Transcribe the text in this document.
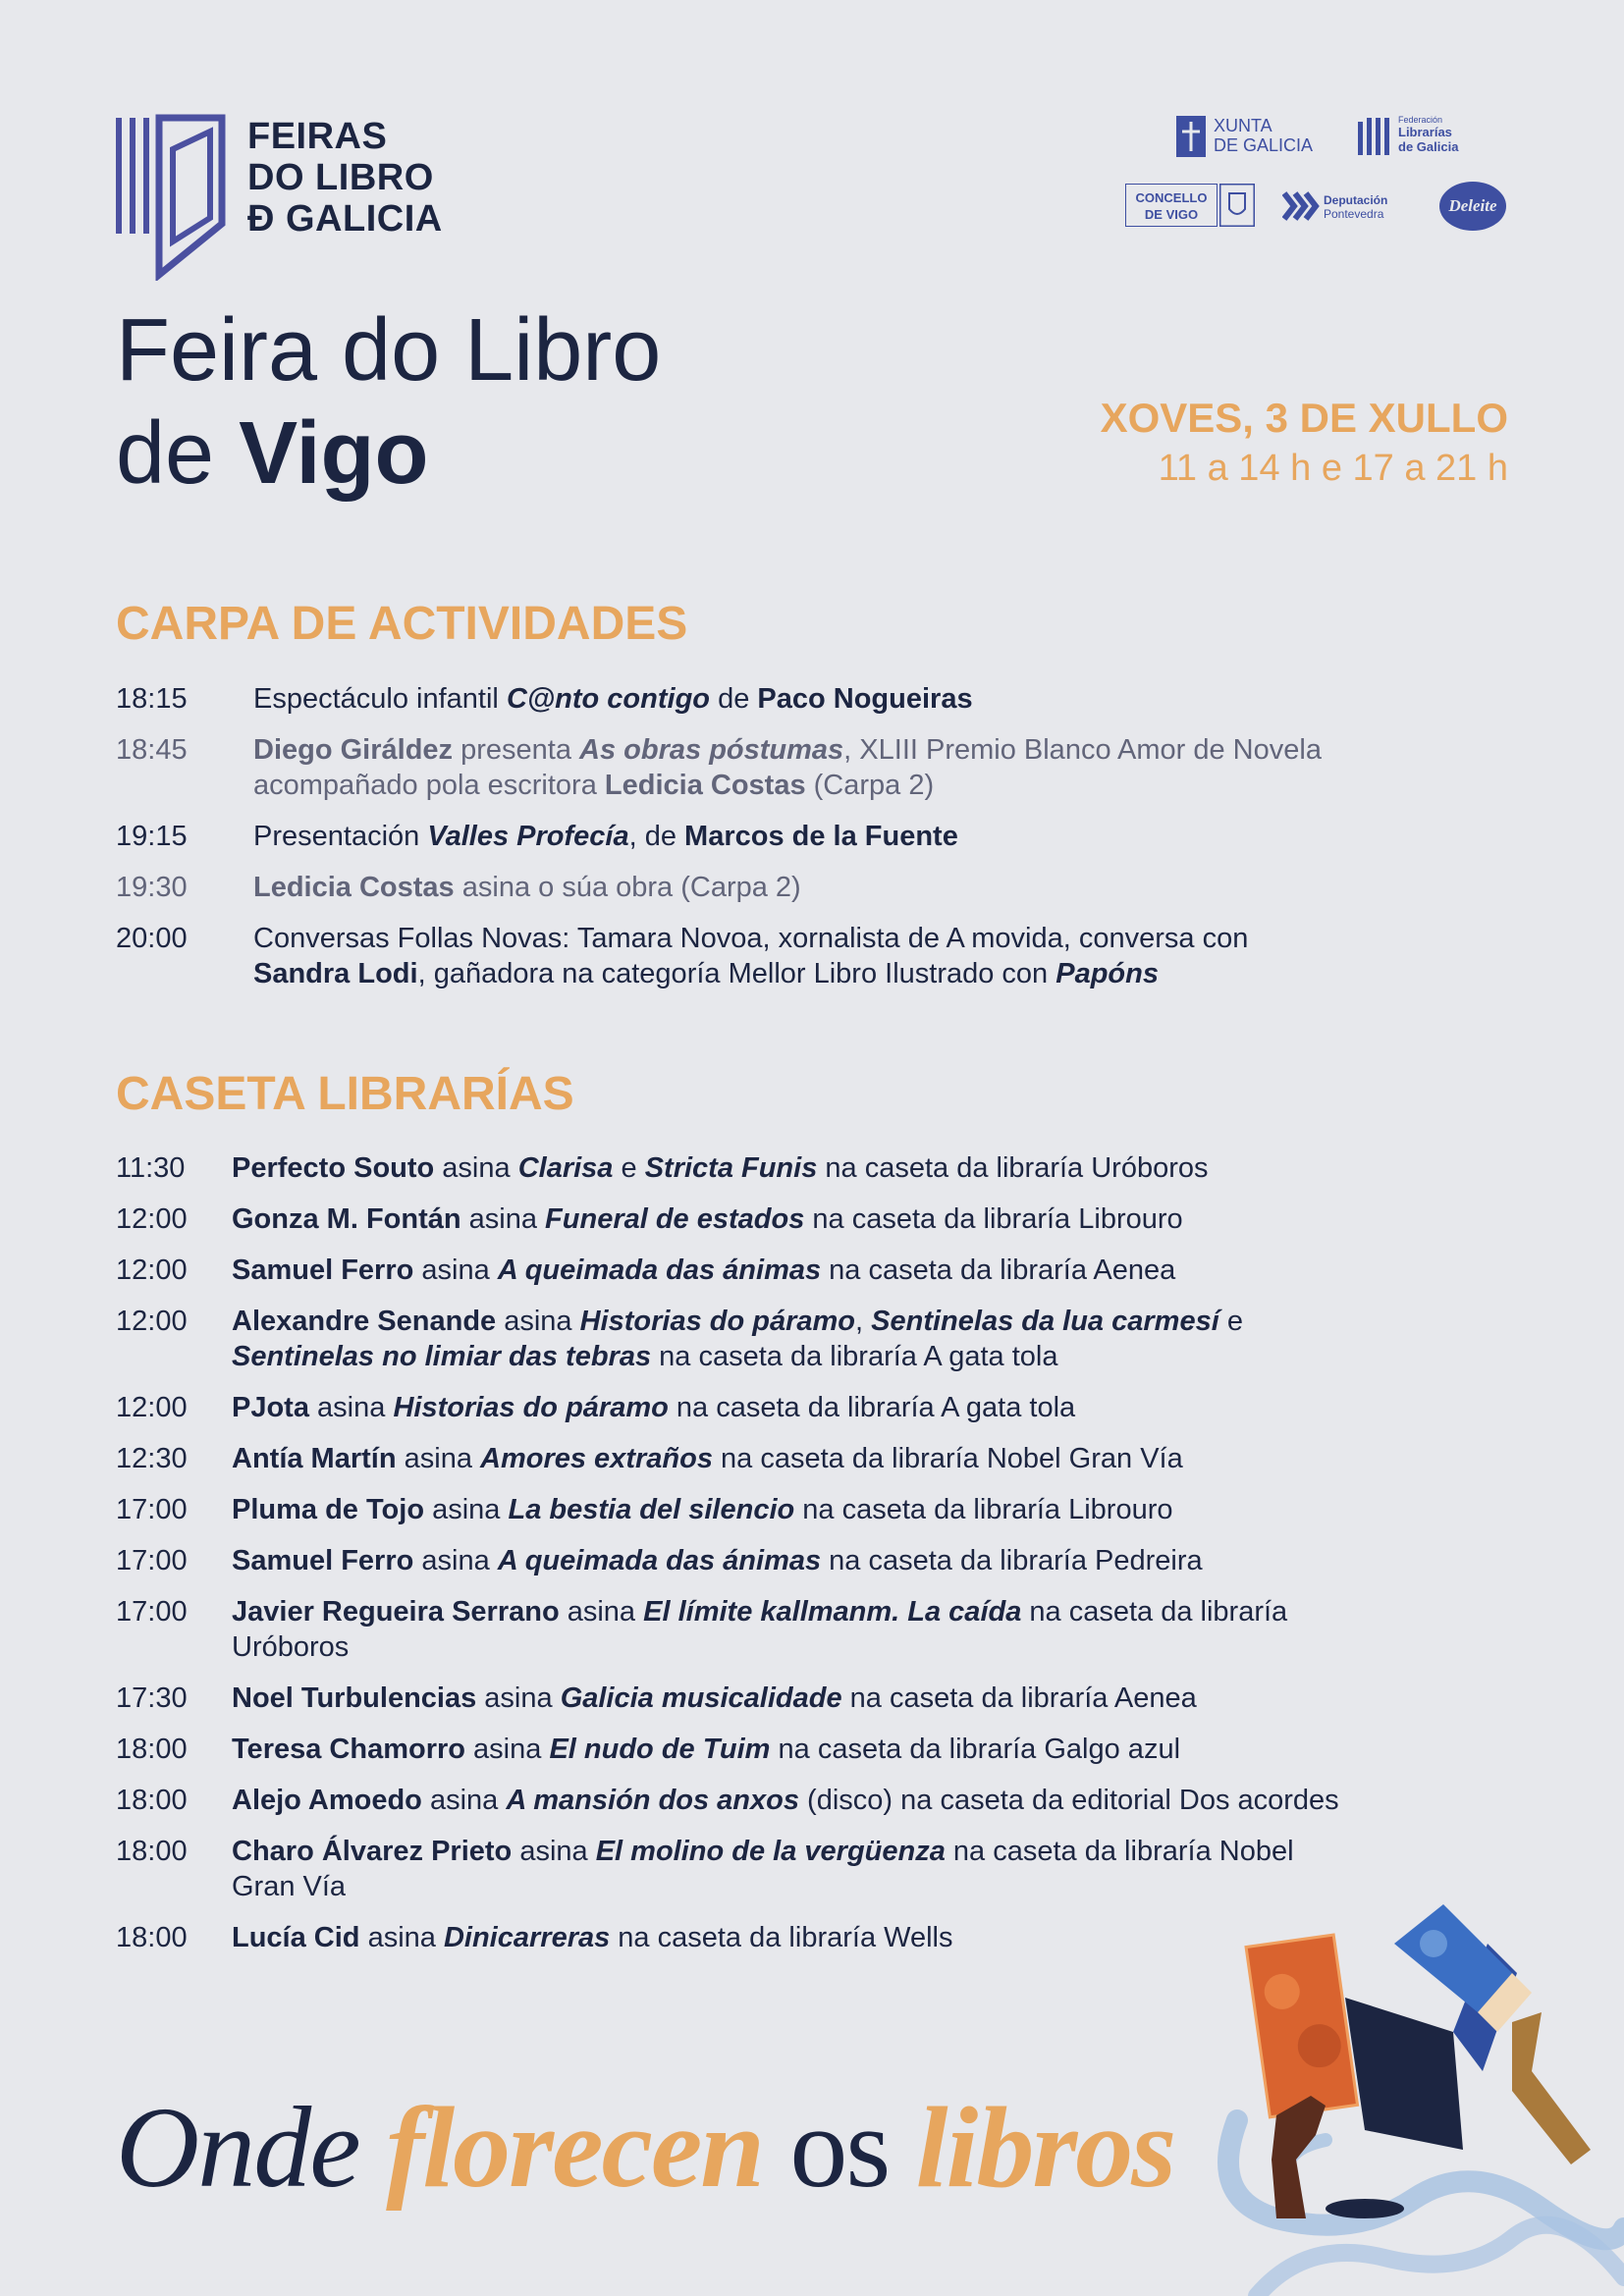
FEIRAS
DO LIBRO
Ð GALICIA
XUNTA
DE GALICIA
Federación
Librarías
de Galicia
CONCELLO
DE VIGO
Deputación
Pontevedra	Deleite
Feira do Libro
de Vigo	XOVES, 3 DE XULLO
11 a 14 h e 17 a 21 h
CARPA DE ACTIVIDADES
18:15	Espectáculo infantil C@nto contigo de Paco Nogueiras
18:45	Diego Giráldez presenta As obras póstumas, XLIII Premio Blanco Amor de Novela acompañado pola escritora Ledicia Costas (Carpa 2)
19:15	Presentación Valles Profecía, de Marcos de la Fuente
19:30	Ledicia Costas asina o súa obra (Carpa 2)
20:00	Conversas Follas Novas: Tamara Novoa, xornalista de A movida, conversa con Sandra Lodi, gañadora na categoría Mellor Libro Ilustrado con Papóns
CASETA LIBRARÍAS
11:30	Perfecto Souto asina Clarisa e Stricta Funis na caseta da libraría Uróboros
12:00	Gonza M. Fontán asina Funeral de estados na caseta da libraría Librouro
12:00	Samuel Ferro asina A queimada das ánimas na caseta da libraría Aenea
12:00	Alexandre Senande asina Historias do páramo, Sentinelas da lua carmesí e Sentinelas no limiar das tebras na caseta da libraría A gata tola
12:00	PJota asina Historias do páramo na caseta da libraría A gata tola
12:30	Antía Martín asina Amores extraños na caseta da libraría Nobel Gran Vía
17:00	Pluma de Tojo asina La bestia del silencio na caseta da libraría Librouro
17:00	Samuel Ferro asina A queimada das ánimas na caseta da libraría Pedreira
17:00	Javier Regueira Serrano asina El límite kallmanm. La caída na caseta da libraría Uróboros
17:30	Noel Turbulencias asina Galicia musicalidade na caseta da libraría Aenea
18:00	Teresa Chamorro asina El nudo de Tuim na caseta da libraría Galgo azul
18:00	Alejo Amoedo asina A mansión dos anxos (disco) na caseta da editorial Dos acordes
18:00	Charo Álvarez Prieto asina El molino de la vergüenza na caseta da libraría Nobel Gran Vía
18:00	Lucía Cid asina Dinicarreras na caseta da libraría Wells
Onde florecen os libros
